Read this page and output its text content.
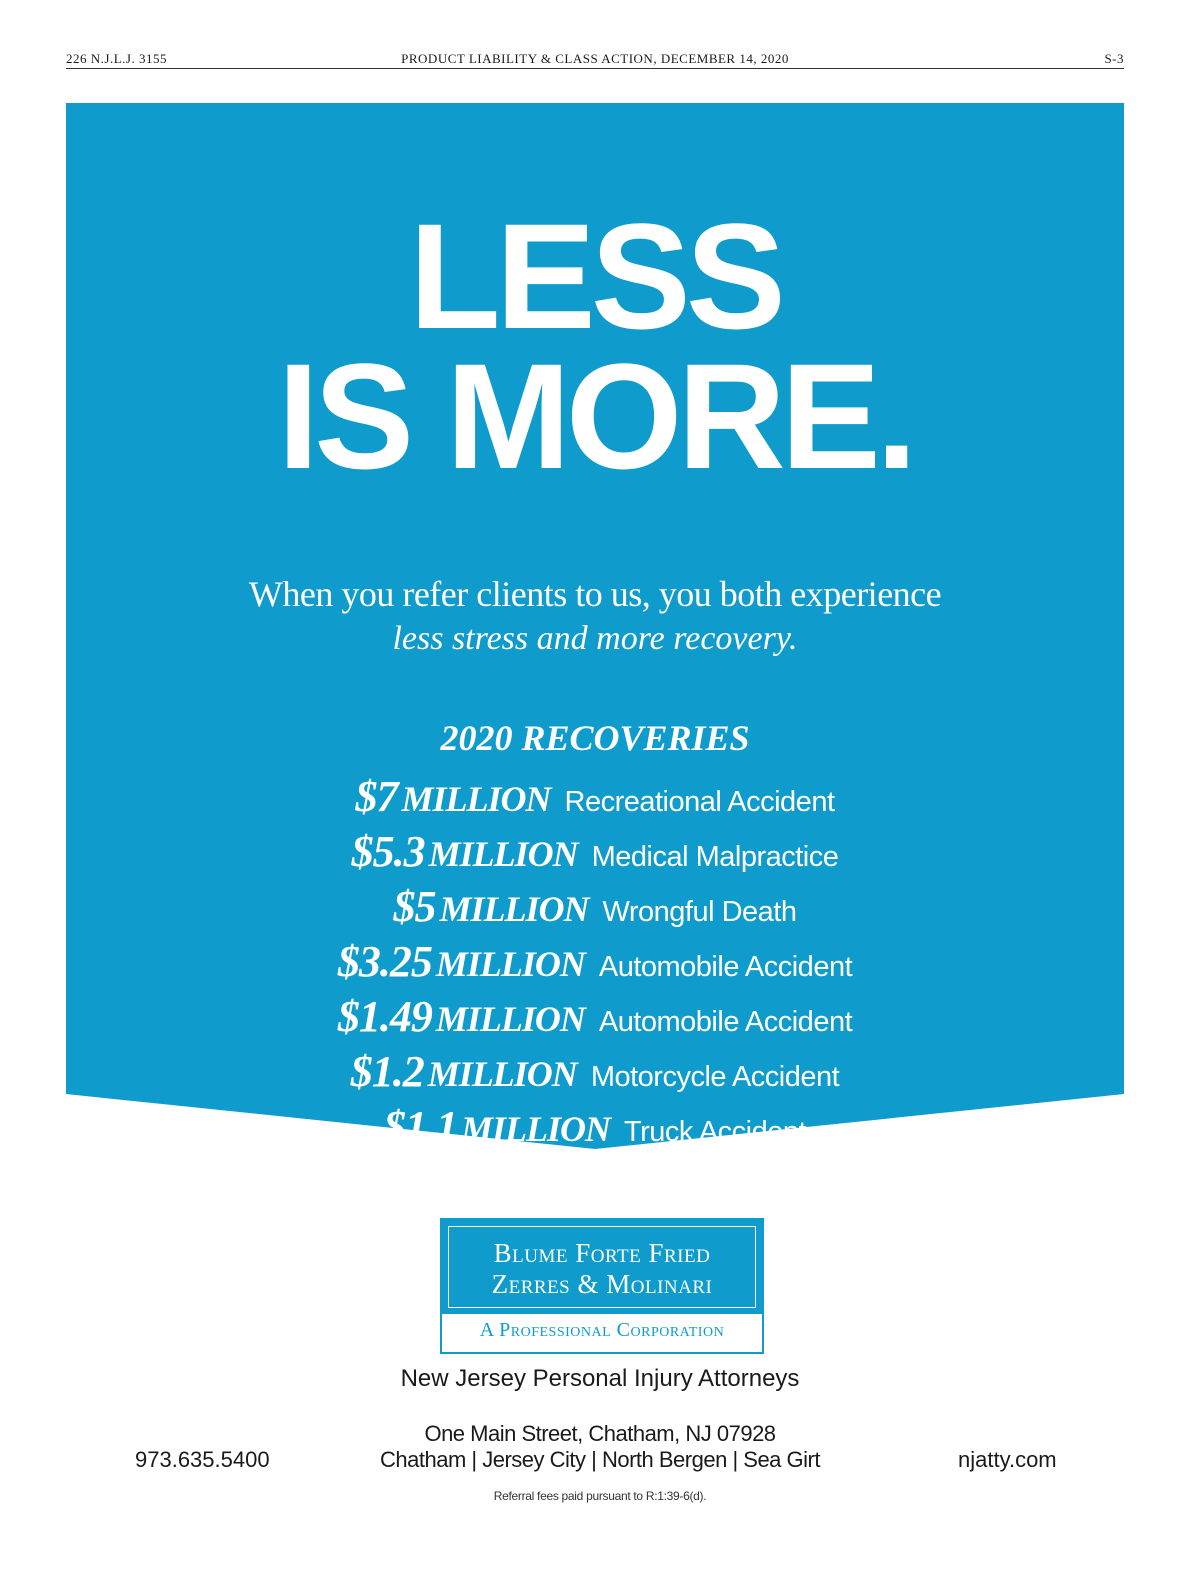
226 N.J.L.J. 3155	PRODUCT LIABILITY & CLASS ACTION, DECEMBER 14, 2020	S-3
LESS
IS MORE.
When you refer clients to us, you both experience
less stress and more recovery.
2020 RECOVERIES
$7 MILLION Recreational Accident
$5.3 MILLION Medical Malpractice
$5 MILLION Wrongful Death
$3.25 MILLION Automobile Accident
$1.49 MILLION Automobile Accident
$1.2 MILLION Motorcycle Accident
$1.1 MILLION Truck Accident
Blume Forte Fried
Zerres & Molinari
A Professional Corporation
New Jersey Personal Injury Attorneys
One Main Street, Chatham, NJ 07928
Chatham | Jersey City | North Bergen | Sea Girt
973.635.5400	njatty.com
Referral fees paid pursuant to R:1:39-6(d).
